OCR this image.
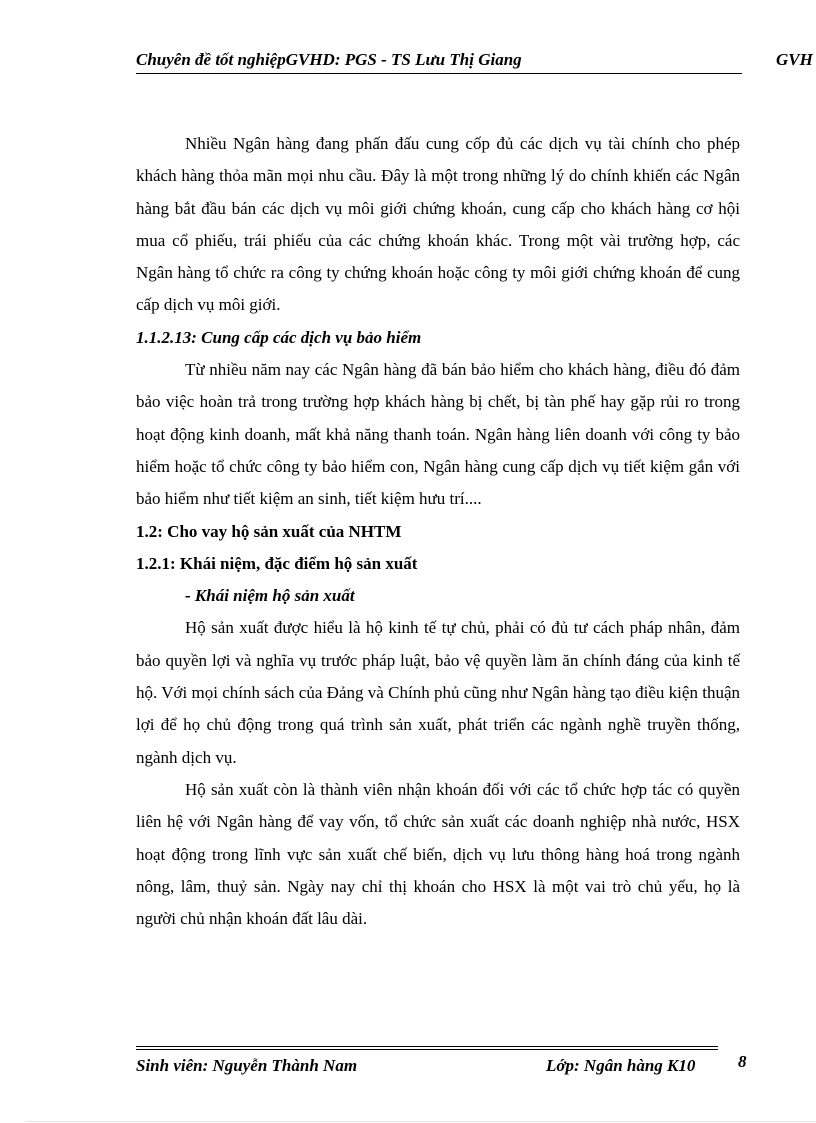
Chuyên đề tốt nghiệpGVHD: PGS - TS Lưu Thị Giang	GVH

Nhiều Ngân hàng đang phấn đấu cung cốp đủ các dịch vụ tài chính cho phép khách hàng thỏa mãn mọi nhu cầu. Đây là một trong những lý do chính khiến các Ngân hàng bắt đầu bán các dịch vụ môi giới chứng khoán, cung cấp cho khách hàng cơ hội mua cổ phiếu, trái phiếu của các chứng khoán khác. Trong một vài trường hợp, các Ngân hàng tổ chức ra công ty chứng khoán hoặc công ty môi giới chứng khoán để cung cấp dịch vụ môi giới.

1.1.2.13: Cung cấp các dịch vụ bảo hiểm

Từ nhiều năm nay các Ngân hàng đã bán bảo hiểm cho khách hàng, điều đó đảm bảo việc hoàn trả trong trường hợp khách hàng bị chết, bị tàn phế hay gặp rủi ro trong hoạt động kinh doanh, mất khả năng thanh toán. Ngân hàng liên doanh với công ty bảo hiểm hoặc tổ chức công ty bảo hiểm con, Ngân hàng cung cấp dịch vụ tiết kiệm gắn với bảo hiểm như tiết kiệm an sinh, tiết kiệm hưu trí....

1.2: Cho vay hộ sản xuất của NHTM

1.2.1: Khái niệm, đặc điểm hộ sản xuất

- Khái niệm hộ sản xuất

Hộ sản xuất được hiểu là hộ kinh tế tự chủ, phải có đủ tư cách pháp nhân, đảm bảo quyền lợi và nghĩa vụ trước pháp luật, bảo vệ quyền làm ăn chính đáng của kinh tế hộ. Với mọi chính sách của Đảng và Chính phủ cũng như Ngân hàng tạo điều kiện thuận lợi để họ chủ động trong quá trình sản xuất, phát triển các ngành nghề truyền thống, ngành dịch vụ.

Hộ sản xuất còn là thành viên nhận khoán đối với các tổ chức hợp tác có quyền liên hệ với Ngân hàng để vay vốn, tổ chức sản xuất các doanh nghiệp nhà nước, HSX hoạt động trong lĩnh vực sản xuất chế biến, dịch vụ lưu thông hàng hoá trong ngành nông, lâm, thuỷ sản. Ngày nay chỉ thị khoán cho HSX là một vai trò chủ yếu, họ là người chủ nhận khoán đất lâu dài.

Sinh viên: Nguyễn Thành Nam	Lớp: Ngân hàng K10	8
